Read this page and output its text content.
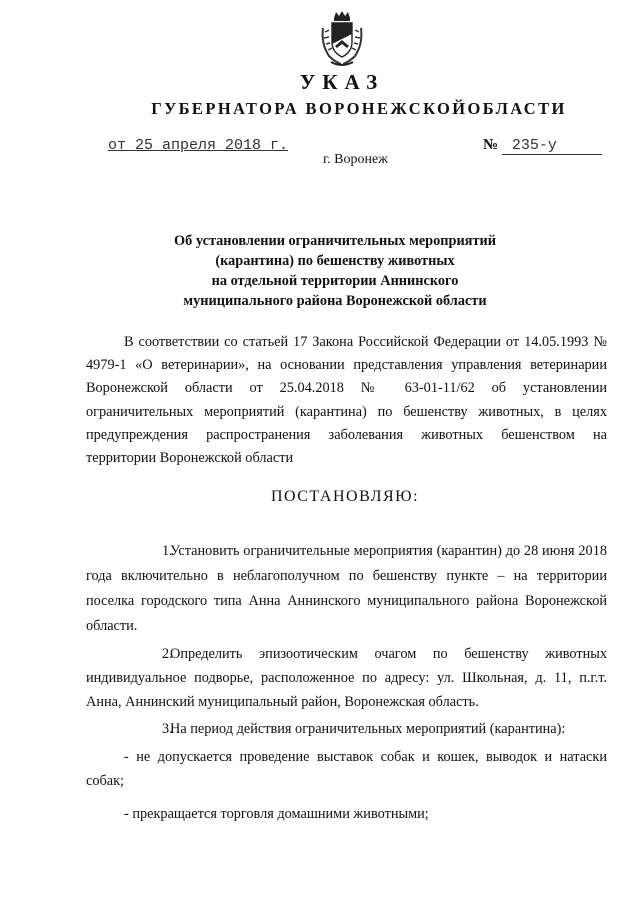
УКАЗ
ГУБЕРНАТОРА ВОРОНЕЖСКОЙОБЛАСТИ
от 25 апреля 2018 г.	№ 235-у
г. Воронеж
Об установлении ограничительных мероприятий
(карантина) по бешенству животных
на отдельной территории Аннинского
муниципального района Воронежской области
В соответствии со статьей 17 Закона Российской Федерации от 14.05.1993 № 4979-1 «О ветеринарии», на основании представления управления ветеринарии Воронежской области от 25.04.2018 № 63-01-11/62 об установлении ограничительных мероприятий (карантина) по бешенству животных, в целях предупреждения распространения заболевания животных бешенством на территории Воронежской области
ПОСТАНОВЛЯЮ:
1.Установить ограничительные мероприятия (карантин) до 28 июня 2018 года включительно в неблагополучном по бешенству пункте – на территории поселка городского типа Анна Аннинского муниципального района Воронежской области.
2.Определить эпизоотическим очагом по бешенству животных индивидуальное подворье, расположенное по адресу: ул. Школьная, д. 11, п.г.т. Анна, Аннинский муниципальный район, Воронежская область.
3.На период действия ограничительных мероприятий (карантина):
- не допускается проведение выставок собак и кошек, выводок и натаски собак;
- прекращается торговля домашними животными;
